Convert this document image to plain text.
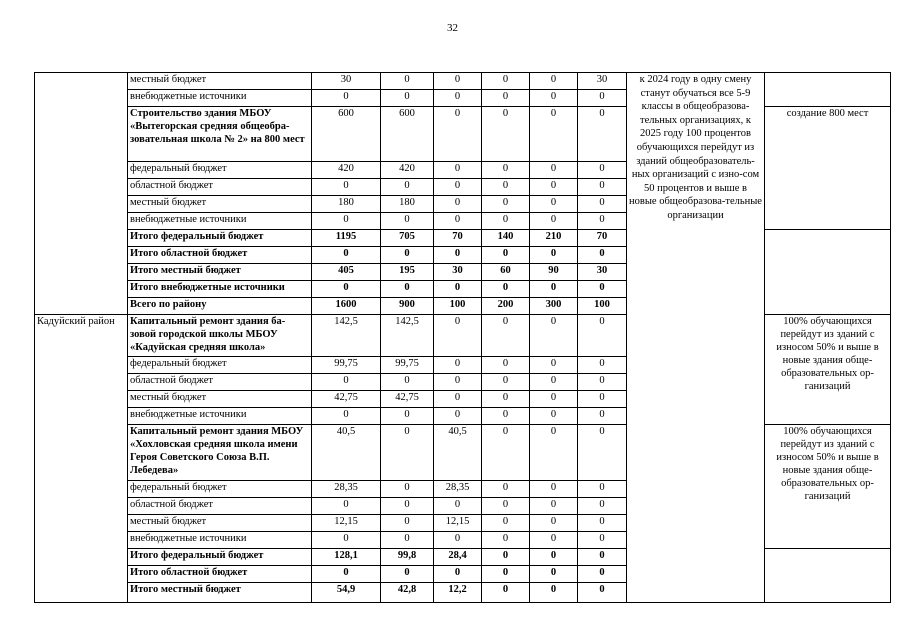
32
	местный бюджет	30	0	0	0	0	30	к 2024 году в одну смену станут обучаться все 5-9 классы в общеобразова-тельных организациях, к 2025 году 100 процентов обучающихся перейдут из зданий общеобразователь-ных организаций с изно-сом 50 процентов и выше в новые общеобразова-тельные организации	
	внебюджетные источники	0	0	0	0	0	0		
	Строительство здания МБОУ «Вытегорская средняя общеобра-зовательная школа № 2» на 800 мест	600	600	0	0	0	0		создание 800 мест
	федеральный бюджет	420	420	0	0	0	0		
	областной бюджет	0	0	0	0	0	0		
	местный бюджет	180	180	0	0	0	0		
	внебюджетные источники	0	0	0	0	0	0		
	Итого федеральный бюджет	1195	705	70	140	210	70		
	Итого областной бюджет	0	0	0	0	0	0		
	Итого местный бюджет	405	195	30	60	90	30		
	Итого внебюджетные источники	0	0	0	0	0	0		
	Всего по району	1600	900	100	200	300	100		
Кадуйский район	Капитальный ремонт здания ба-зовой городской школы МБОУ «Кадуйская средняя школа»	142,5	142,5	0	0	0	0		100% обучающихся перейдут из зданий с износом 50% и выше в новые здания обще-образовательных ор-ганизаций
	федеральный бюджет	99,75	99,75	0	0	0	0		
	областной бюджет	0	0	0	0	0	0		
	местный бюджет	42,75	42,75	0	0	0	0		
	внебюджетные источники	0	0	0	0	0	0		
	Капитальный ремонт здания МБОУ «Хохловская средняя школа имени Героя Советского Союза В.П. Лебедева»	40,5	0	40,5	0	0	0		100% обучающихся перейдут из зданий с износом 50% и выше в новые здания обще-образовательных ор-ганизаций
	федеральный бюджет	28,35	0	28,35	0	0	0		
	областной бюджет	0	0	0	0	0	0		
	местный бюджет	12,15	0	12,15	0	0	0		
	внебюджетные источники	0	0	0	0	0	0		
	Итого федеральный бюджет	128,1	99,8	28,4	0	0	0		
	Итого областной бюджет	0	0	0	0	0	0		
	Итого местный бюджет	54,9	42,8	12,2	0	0	0		
